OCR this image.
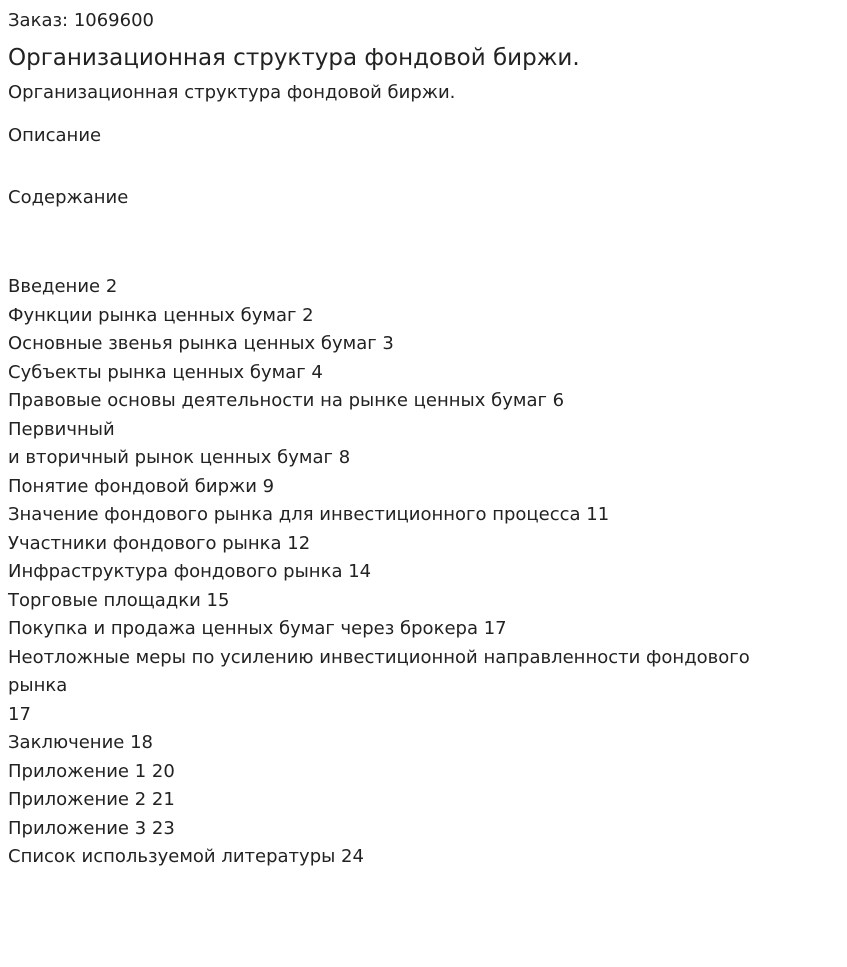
Заказ: 1069600

Организационная структура фондовой биржи.

Организационная структура фондовой биржи.

Описание

Содержание

Введение 2
Функции рынка ценных бумаг 2
Основные звенья рынка ценных бумаг 3
Субъекты рынка ценных бумаг 4
Правовые основы деятельности на рынке ценных бумаг 6
Первичный
и вторичный рынок ценных бумаг 8
Понятие фондовой биржи 9
Значение фондового рынка для инвестиционного процесса 11
Участники фондового рынка 12
Инфраструктура фондового рынка 14
Торговые площадки 15
Покупка и продажа ценных бумаг через брокера 17
Неотложные меры по усилению инвестиционной направленности фондового рынка
17
Заключение 18
Приложение 1 20
Приложение 2 21
Приложение 3 23
Список используемой литературы 24
